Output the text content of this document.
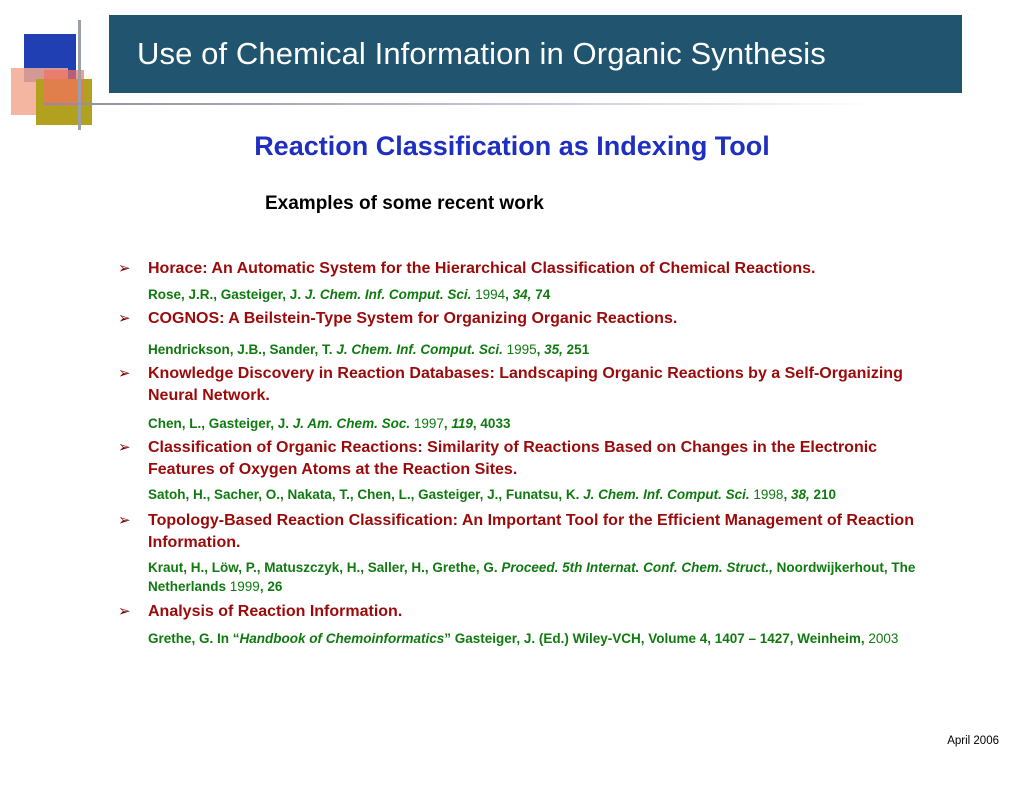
Use of Chemical Information in Organic Synthesis
Reaction Classification as Indexing Tool
Examples of some recent work
➢ Horace: An Automatic System for the Hierarchical Classification of Chemical Reactions.
Rose, J.R., Gasteiger, J. J. Chem. Inf. Comput. Sci. 1994, 34, 74
➢ COGNOS: A Beilstein-Type System for Organizing Organic Reactions.
Hendrickson, J.B., Sander, T. J. Chem. Inf. Comput. Sci. 1995, 35, 251
➢ Knowledge Discovery in Reaction Databases: Landscaping Organic Reactions by a Self-Organizing Neural Network.
Chen, L., Gasteiger, J. J. Am. Chem. Soc. 1997, 119, 4033
➢ Classification of Organic Reactions: Similarity of Reactions Based on Changes in the Electronic Features of Oxygen Atoms at the Reaction Sites.
Satoh, H., Sacher, O., Nakata, T., Chen, L., Gasteiger, J., Funatsu, K. J. Chem. Inf. Comput. Sci. 1998, 38, 210
➢ Topology-Based Reaction Classification: An Important Tool for the Efficient Management of Reaction Information.
Kraut, H., Löw, P., Matuszczyk, H., Saller, H., Grethe, G. Proceed. 5th Internat. Conf. Chem. Struct., Noordwijkerhout, The Netherlands 1999, 26
➢ Analysis of Reaction Information.
Grethe, G. In “Handbook of Chemoinformatics” Gasteiger, J. (Ed.) Wiley-VCH, Volume 4, 1407 – 1427, Weinheim, 2003
April 2006
